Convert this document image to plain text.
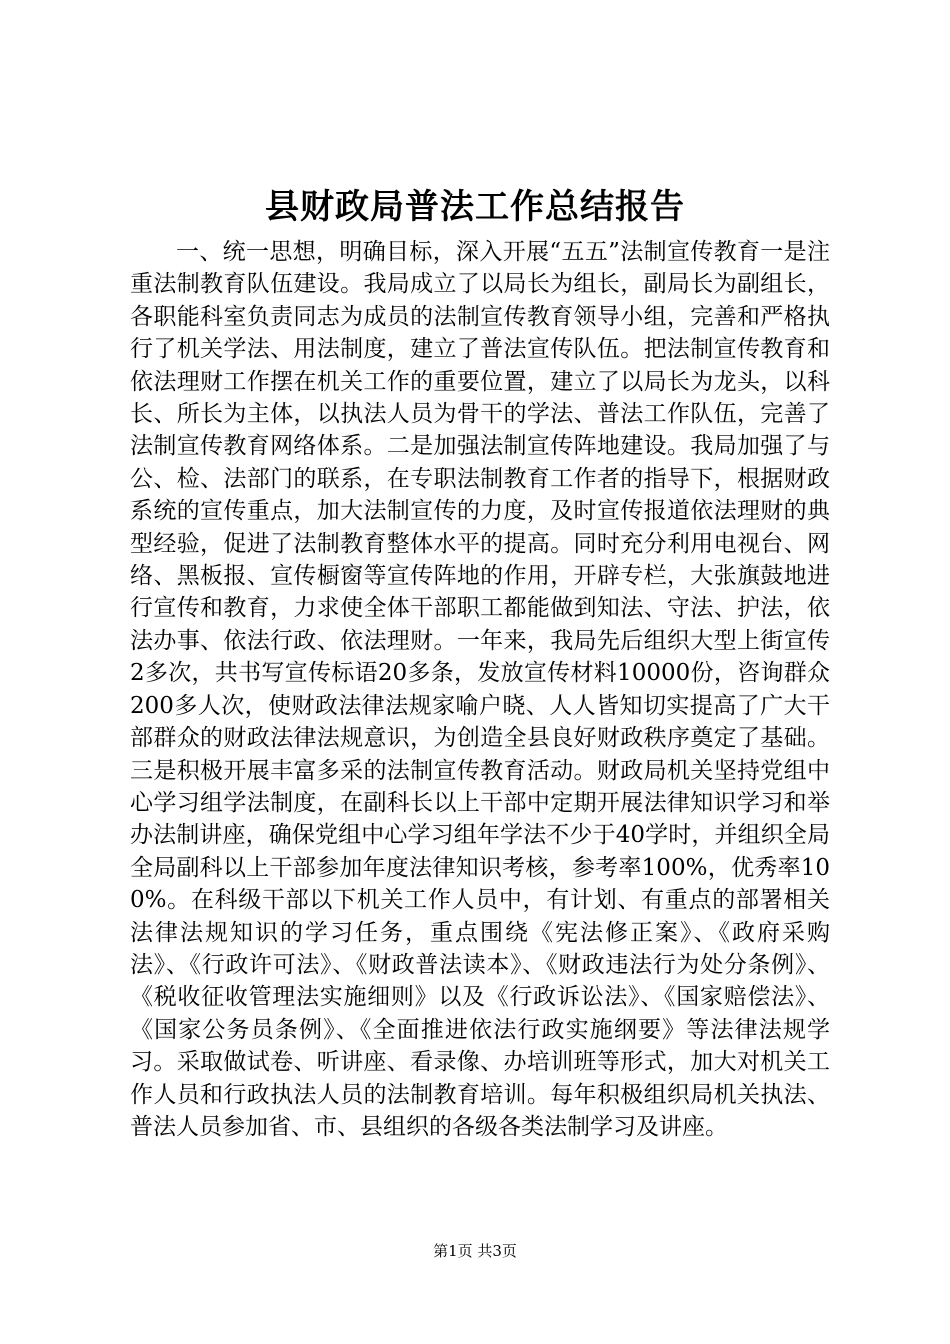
县财政局普法工作总结报告

一、统一思想，明确目标，深入开展“五五”法制宣传教育一是注重法制教育队伍建设。我局成立了以局长为组长，副局长为副组长，各职能科室负责同志为成员的法制宣传教育领导小组，完善和严格执行了机关学法、用法制度，建立了普法宣传队伍。把法制宣传教育和依法理财工作摆在机关工作的重要位置，建立了以局长为龙头，以科长、所长为主体，以执法人员为骨干的学法、普法工作队伍，完善了法制宣传教育网络体系。二是加强法制宣传阵地建设。我局加强了与公、检、法部门的联系，在专职法制教育工作者的指导下，根据财政系统的宣传重点，加大法制宣传的力度，及时宣传报道依法理财的典型经验，促进了法制教育整体水平的提高。同时充分利用电视台、网络、黑板报、宣传橱窗等宣传阵地的作用，开辟专栏，大张旗鼓地进行宣传和教育，力求使全体干部职工都能做到知法、守法、护法，依法办事、依法行政、依法理财。一年来，我局先后组织大型上街宣传2多次，共书写宣传标语20多条，发放宣传材料10000份，咨询群众200多人次，使财政法律法规家喻户晓、人人皆知切实提高了广大干部群众的财政法律法规意识，为创造全县良好财政秩序奠定了基础。三是积极开展丰富多采的法制宣传教育活动。财政局机关坚持党组中心学习组学法制度，在副科长以上干部中定期开展法律知识学习和举办法制讲座，确保党组中心学习组年学法不少于40学时，并组织全局全局副科以上干部参加年度法律知识考核，参考率100%，优秀率100%。在科级干部以下机关工作人员中，有计划、有重点的部署相关法律法规知识的学习任务，重点围绕《宪法修正案》、《政府采购法》、《行政许可法》、《财政普法读本》、《财政违法行为处分条例》、《税收征收管理法实施细则》以及《行政诉讼法》、《国家赔偿法》、《国家公务员条例》、《全面推进依法行政实施纲要》等法律法规学习。采取做试卷、听讲座、看录像、办培训班等形式，加大对机关工作人员和行政执法人员的法制教育培训。每年积极组织局机关执法、普法人员参加省、市、县组织的各级各类法制学习及讲座。

第1页 共3页
